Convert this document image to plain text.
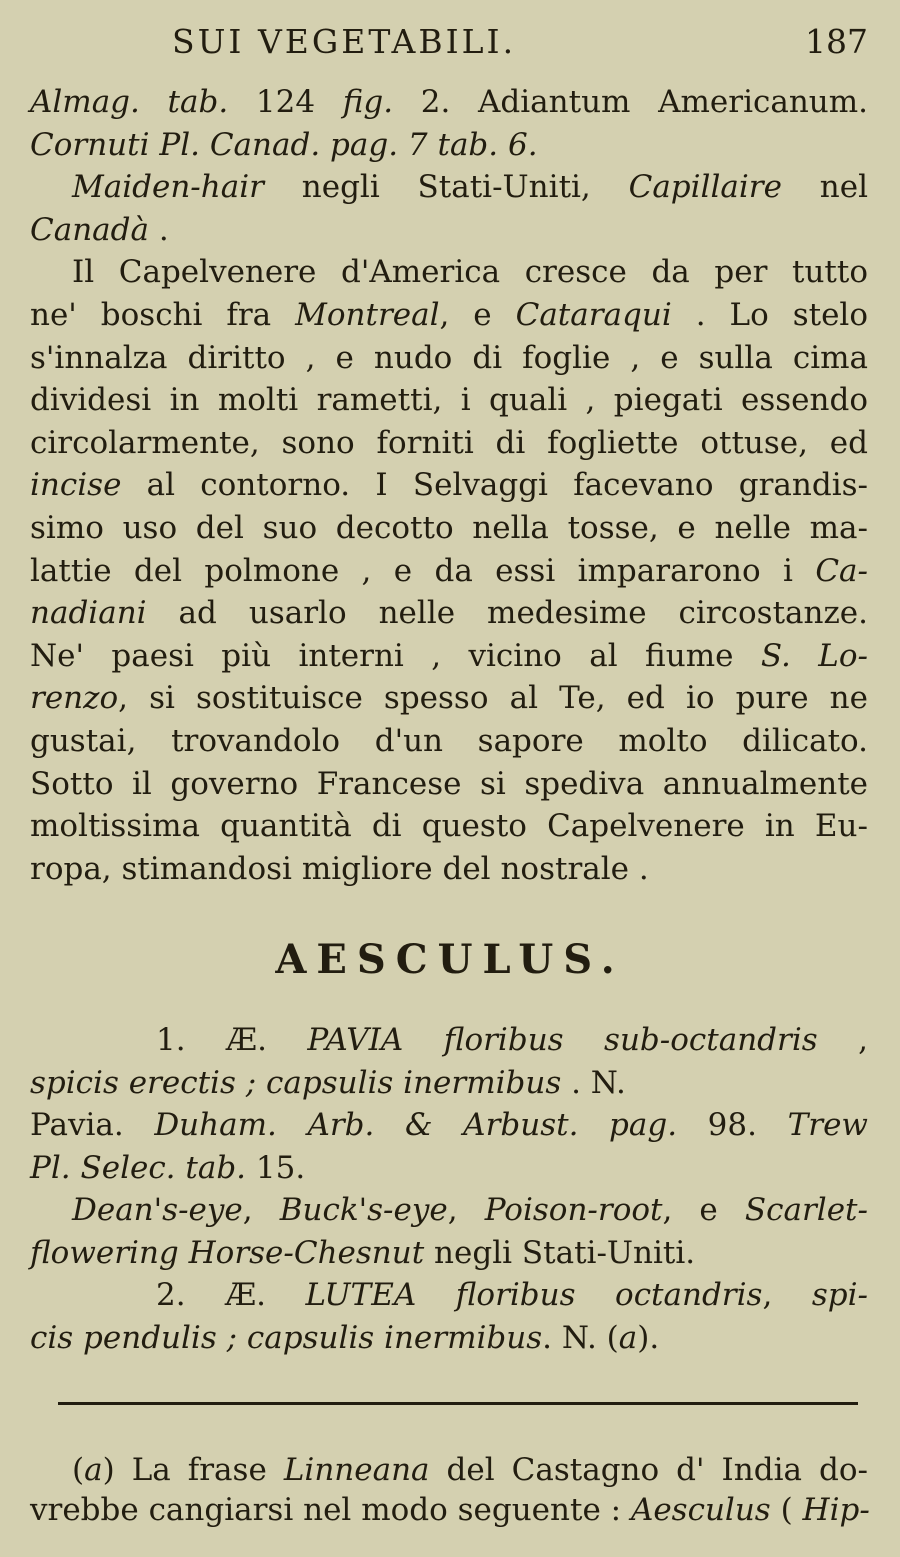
SUI VEGETABILI.	187
Almag. tab. 124 fig. 2. Adiantum Americanum.
Cornuti Pl. Canad. pag. 7 tab. 6.
Maiden-hair negli Stati-Uniti, Capillaire nel
Canadà .
Il Capelvenere d'America cresce da per tutto
ne' boschi fra Montreal, e Cataraqui . Lo stelo
s'innalza diritto , e nudo di foglie , e sulla cima
dividesi in molti rametti, i quali , piegati essendo
circolarmente, sono forniti di fogliette ottuse, ed
incise al contorno. I Selvaggi facevano grandis-
simo uso del suo decotto nella tosse, e nelle ma-
lattie del polmone , e da essi impararono i Ca-
nadiani ad usarlo nelle medesime circostanze.
Ne' paesi più interni , vicino al fiume S. Lo-
renzo, si sostituisce spesso al Te, ed io pure ne
gustai, trovandolo d'un sapore molto dilicato.
Sotto il governo Francese si spediva annualmente
moltissima quantità di questo Capelvenere in Eu-
ropa, stimandosi migliore del nostrale .
AESCULUS.
1. Æ. PAVIA floribus sub-octandris ,
spicis erectis ; capsulis inermibus . N.
Pavia. Duham. Arb. & Arbust. pag. 98. Trew
Pl. Selec. tab. 15.
Dean's-eye, Buck's-eye, Poison-root, e Scarlet-
flowering Horse-Chesnut negli Stati-Uniti.
2. Æ. LUTEA floribus octandris, spi-
cis pendulis ; capsulis inermibus. N. (a).
(a) La frase Linneana del Castagno d' India do-
vrebbe cangiarsi nel modo seguente : Aesculus ( Hip-
